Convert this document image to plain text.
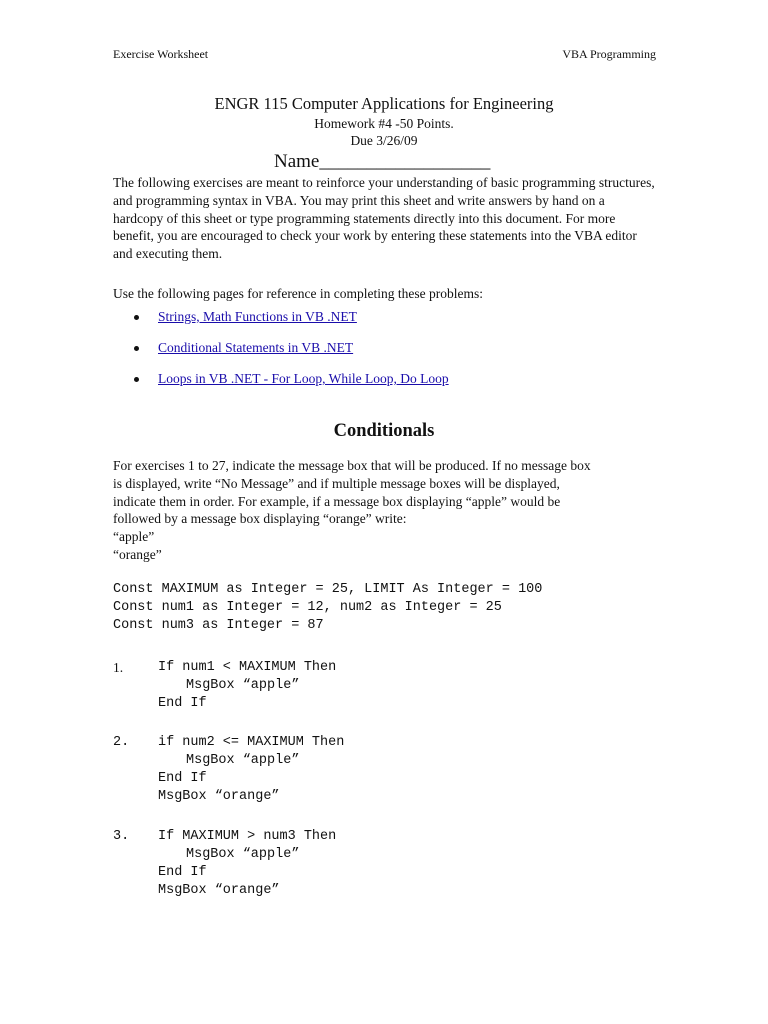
Exercise Worksheet	VBA Programming
ENGR 115 Computer Applications for Engineering
Homework #4 -50 Points.
Due 3/26/09
Name__________________

The following exercises are meant to reinforce your understanding of basic programming structures, and programming syntax in VBA. You may print this sheet and write answers by hand on a hardcopy of this sheet or type programming statements directly into this document. For more benefit, you are encouraged to check your work by entering these statements into the VBA editor and executing them.

Use the following pages for reference in completing these problems:

Strings, Math Functions in VB .NET
Conditional Statements in VB .NET
Loops in VB .NET - For Loop, While Loop, Do Loop
Conditionals
For exercises 1 to 27, indicate the message box that will be produced. If no message box
is displayed, write “No Message” and if multiple message boxes will be displayed,
indicate them in order. For example, if a message box displaying “apple” would be
followed by a message box displaying “orange” write:
“apple”
“orange”
Const MAXIMUM as Integer = 25, LIMIT As Integer = 100
Const num1 as Integer = 12, num2 as Integer = 25
Const num3 as Integer = 87
1.	If num1 < MAXIMUM Then
MsgBox “apple”
End If
2. if num2 <= MAXIMUM Then
MsgBox “apple”
End If
MsgBox “orange”
3. If MAXIMUM > num3 Then
MsgBox “apple”
End If
MsgBox “orange”
